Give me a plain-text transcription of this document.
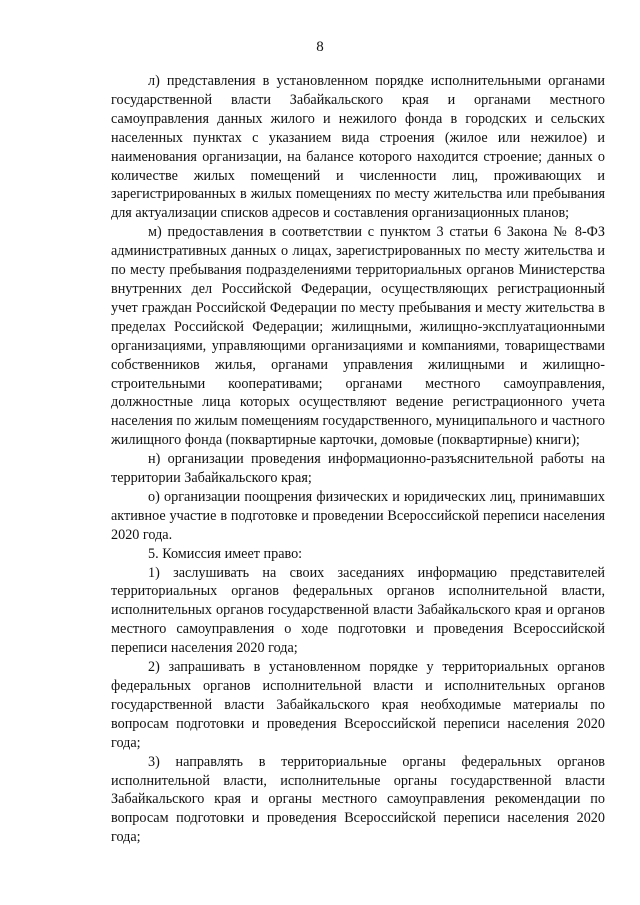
8

л) представления в установленном порядке исполнительными органами государственной власти Забайкальского края и органами местного самоуправления данных жилого и нежилого фонда в городских и сельских населенных пунктах с указанием вида строения (жилое или нежилое) и наименования организации, на балансе которого находится строение; данных о количестве жилых помещений и численности лиц, проживающих и зарегистрированных в жилых помещениях по месту жительства или пребывания для актуализации списков адресов и составления организационных планов;

м) предоставления в соответствии с пунктом 3 статьи 6 Закона № 8-ФЗ административных данных о лицах, зарегистрированных по месту жительства и по месту пребывания подразделениями территориальных органов Министерства внутренних дел Российской Федерации, осуществляющих регистрационный учет граждан Российской Федерации по месту пребывания и месту жительства в пределах Российской Федерации; жилищными, жилищно-эксплуатационными организациями, управляющими организациями и компаниями, товариществами собственников жилья, органами управления жилищными и жилищно-строительными кооперативами; органами местного самоуправления, должностные лица которых осуществляют ведение регистрационного учета населения по жилым помещениям государственного, муниципального и частного жилищного фонда (поквартирные карточки, домовые (поквартирные) книги);

н) организации проведения информационно-разъяснительной работы на территории Забайкальского края;

о) организации поощрения физических и юридических лиц, принимавших активное участие в подготовке и проведении Всероссийской переписи населения 2020 года.

5. Комиссия имеет право:

1) заслушивать на своих заседаниях информацию представителей территориальных органов федеральных органов исполнительной власти, исполнительных органов государственной власти Забайкальского края и органов местного самоуправления о ходе подготовки и проведения Всероссийской переписи населения 2020 года;

2) запрашивать в установленном порядке у территориальных органов федеральных органов исполнительной власти и исполнительных органов государственной власти Забайкальского края необходимые материалы по вопросам подготовки и проведения Всероссийской переписи населения 2020 года;

3) направлять в территориальные органы федеральных органов исполнительной власти, исполнительные органы государственной власти Забайкальского края и органы местного самоуправления рекомендации по вопросам подготовки и проведения Всероссийской переписи населения 2020 года;
